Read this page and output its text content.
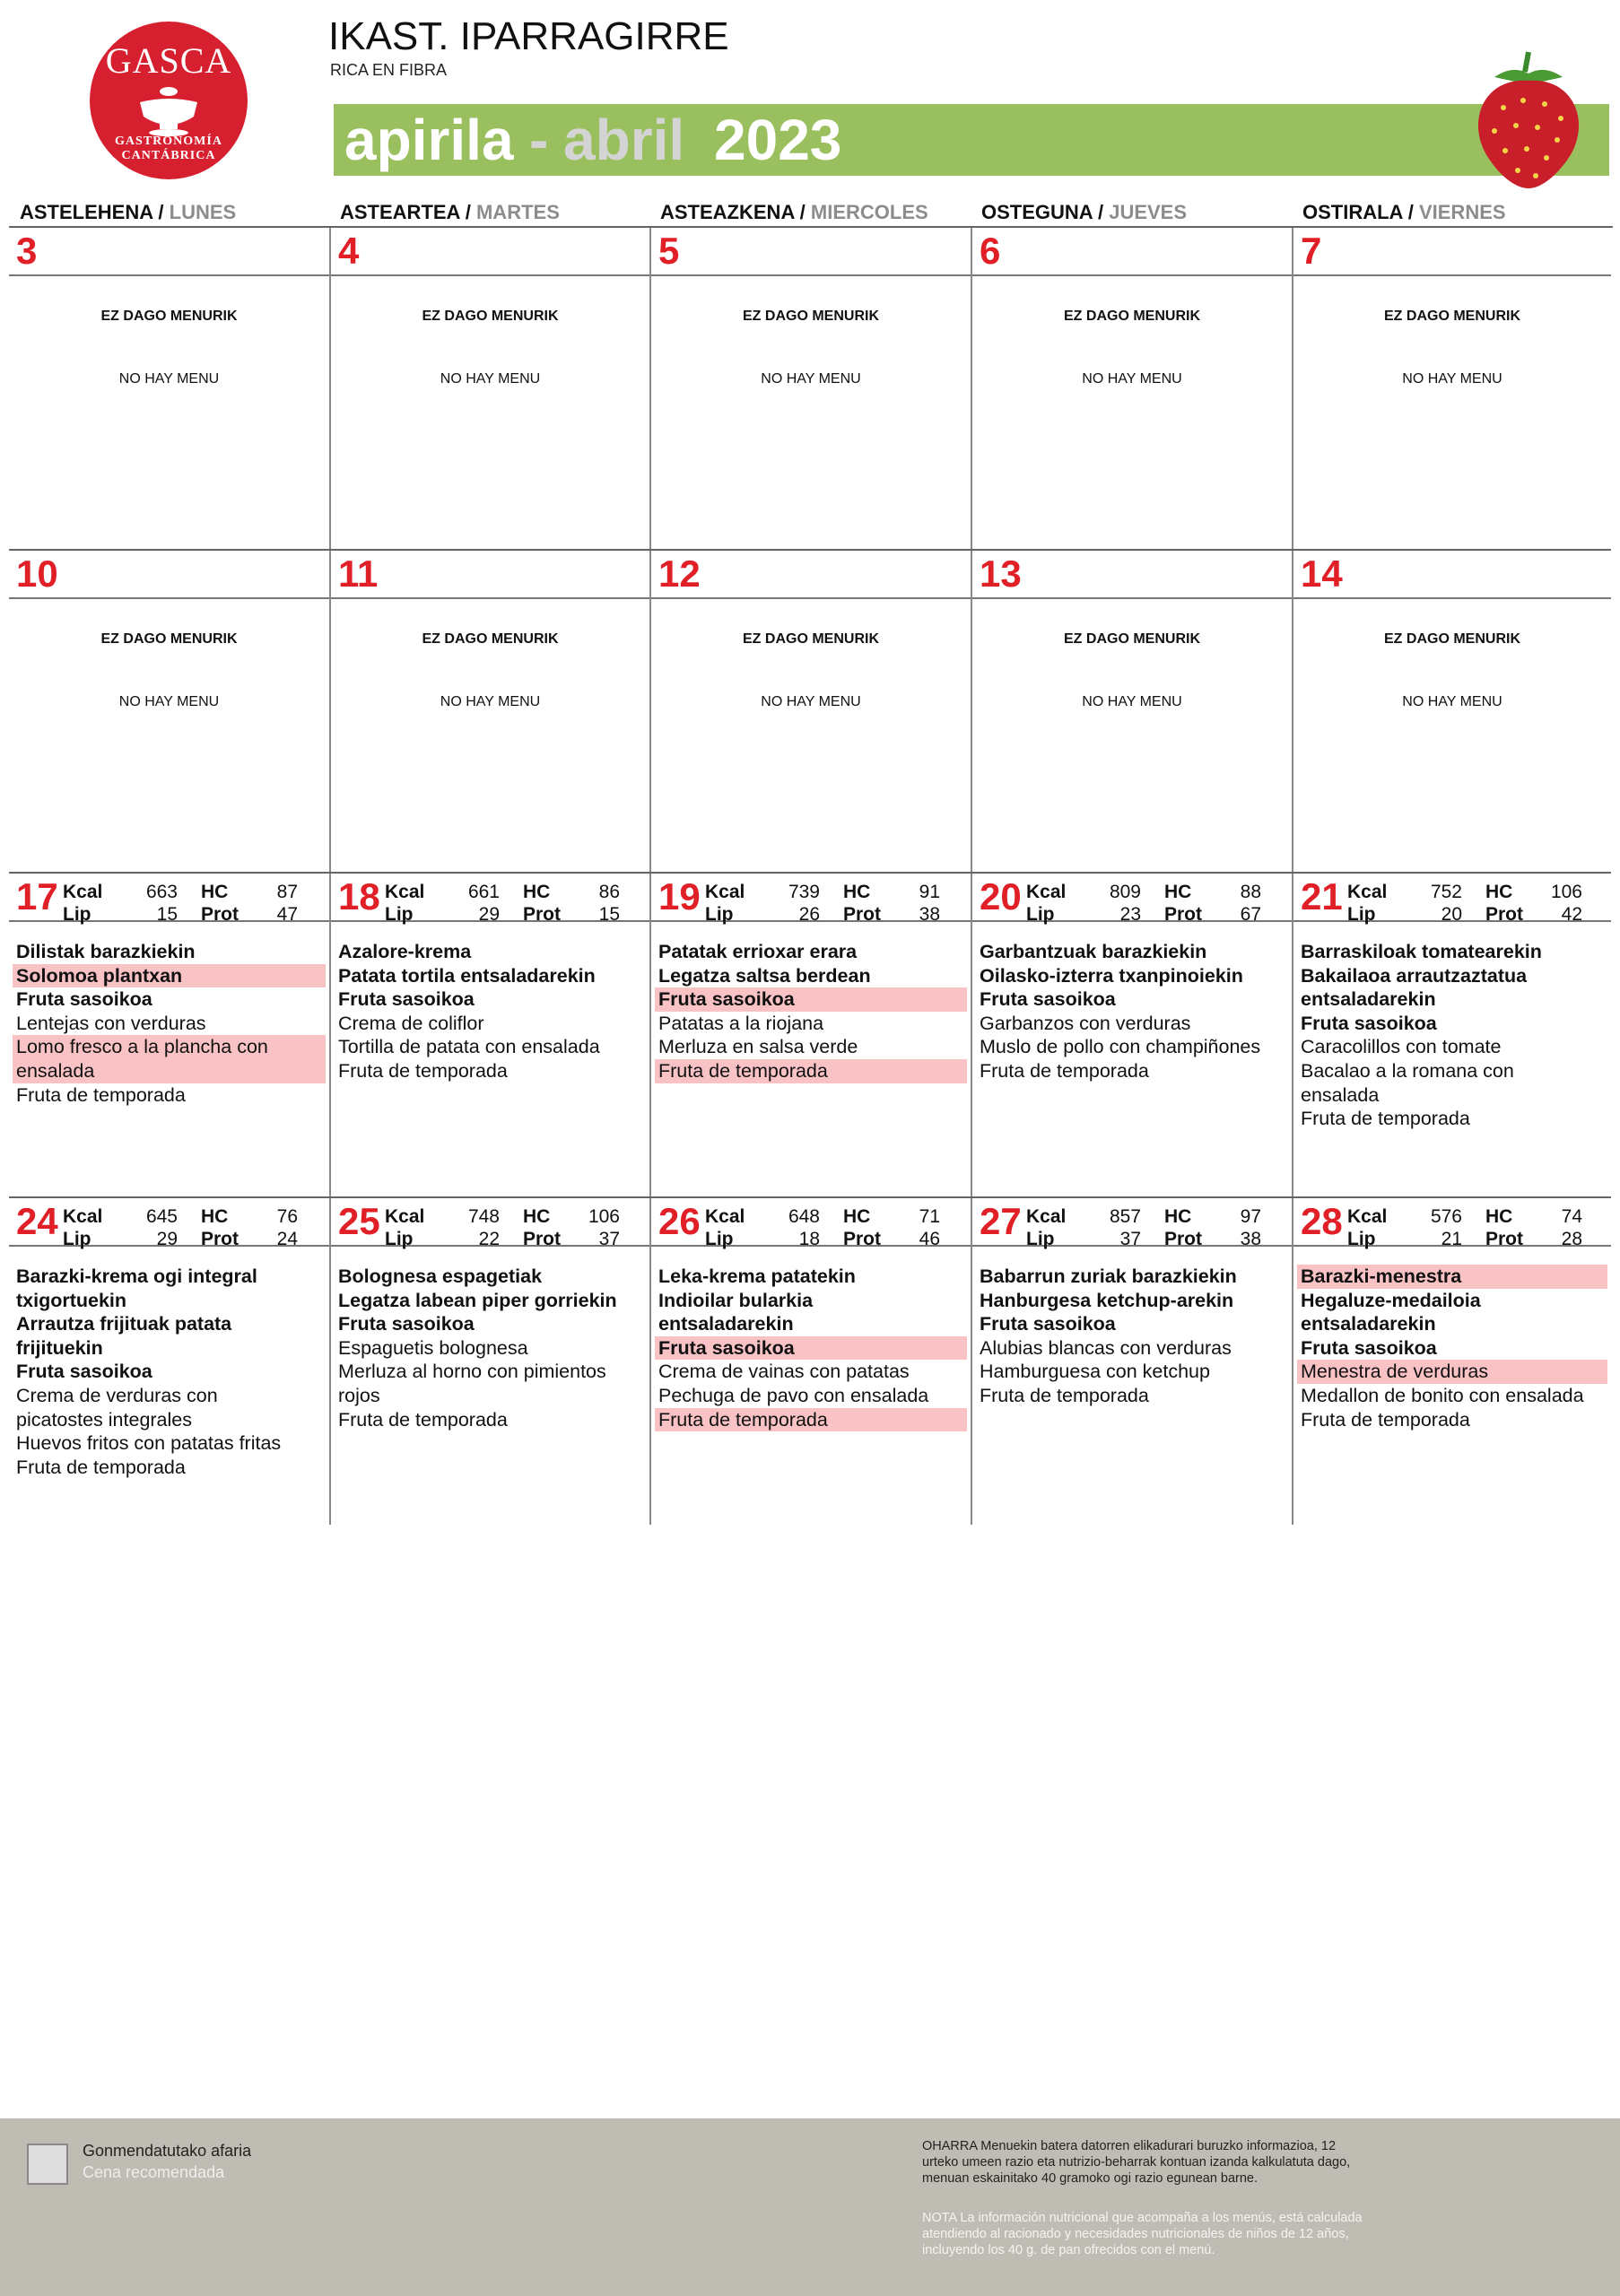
GASCA
GASTRONOMÍA CANTÁBRICA
IKAST. IPARRAGIRRE
RICA EN FIBRA
apirila - abril 2023
ASTELEHENA / LUNES	ASTEARTEA / MARTES	ASTEAZKENA / MIERCOLES	OSTEGUNA / JUEVES	OSTIRALA / VIERNES
3
EZ DAGO MENURIK
NO HAY MENU
4
EZ DAGO MENURIK
NO HAY MENU
5
EZ DAGO MENURIK
NO HAY MENU
6
EZ DAGO MENURIK
NO HAY MENU
7
EZ DAGO MENURIK
NO HAY MENU
10
EZ DAGO MENURIK
NO HAY MENU
11
EZ DAGO MENURIK
NO HAY MENU
12
EZ DAGO MENURIK
NO HAY MENU
13
EZ DAGO MENURIK
NO HAY MENU
14
EZ DAGO MENURIK
NO HAY MENU
17 Kcal	663 HC	87
Lip	15 Prot	47
Dilistak barazkiekin
Solomoa plantxan
Fruta sasoikoa
Lentejas con verduras
Lomo fresco a la plancha con
ensalada
Fruta de temporada
18 Kcal	661 HC	86
Lip	29 Prot	15
Azalore-krema
Patata tortila entsaladarekin
Fruta sasoikoa
Crema de coliflor
Tortilla de patata con ensalada
Fruta de temporada
19 Kcal	739 HC	91
Lip	26 Prot	38
Patatak errioxar erara
Legatza saltsa berdean
Fruta sasoikoa
Patatas a la riojana
Merluza en salsa verde
Fruta de temporada
20 Kcal	809 HC	88
Lip	23 Prot	67
Garbantzuak barazkiekin
Oilasko-izterra txanpinoiekin
Fruta sasoikoa
Garbanzos con verduras
Muslo de pollo con champiñones
Fruta de temporada
21 Kcal	752 HC	106
Lip	20 Prot	42
Barraskiloak tomatearekin
Bakailaoa arrautzaztatua
entsaladarekin
Fruta sasoikoa
Caracolillos con tomate
Bacalao a la romana con
ensalada
Fruta de temporada
24 Kcal	645 HC	76
Lip	29 Prot	24
Barazki-krema ogi integral
txigortuekin
Arrautza frijituak patata
frijituekin
Fruta sasoikoa
Crema de verduras con
picatostes integrales
Huevos fritos con patatas fritas
Fruta de temporada
25 Kcal	748 HC	106
Lip	22 Prot	37
Bolognesa espagetiak
Legatza labean piper gorriekin
Fruta sasoikoa
Espaguetis bolognesa
Merluza al horno con pimientos
rojos
Fruta de temporada
26 Kcal	648 HC	71
Lip	18 Prot	46
Leka-krema patatekin
Indioilar bularkia
entsaladarekin
Fruta sasoikoa
Crema de vainas con patatas
Pechuga de pavo con ensalada
Fruta de temporada
27 Kcal	857 HC	97
Lip	37 Prot	38
Babarrun zuriak barazkiekin
Hanburgesa ketchup-arekin
Fruta sasoikoa
Alubias blancas con verduras
Hamburguesa con ketchup
Fruta de temporada
28 Kcal	576 HC	74
Lip	21 Prot	28
Barazki-menestra
Hegaluze-medailoia
entsaladarekin
Fruta sasoikoa
Menestra de verduras
Medallon de bonito con ensalada
Fruta de temporada
Gonmendatutako afaria
Cena recomendada
OHARRA Menuekin batera datorren elikadurari buruzko informazioa, 12 urteko umeen razio eta nutrizio-beharrak kontuan izanda kalkulatuta dago, menuan eskainitako 40 gramoko ogi razio egunean barne.
NOTA La información nutricional que acompaña a los menús, está calculada atendiendo al racionado y necesidades nutricionales de niños de 12 años, incluyendo los 40 g. de pan ofrecidos con el menú.
